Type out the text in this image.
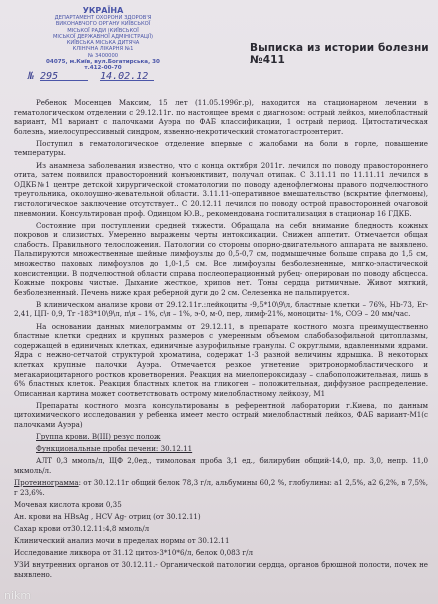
УКРАЇНА
ДЕПАРТАМЕНТ ОХОРОНИ ЗДОРОВ'Я
ВИКОНАВЧОГО ОРГАНУ КИЇВСЬКОЇ
МІСЬКОЇ РАДИ (КИЇВСЬКОЇ
МІСЬКОЇ ДЕРЖАВНОЇ АДМІНІСТРАЦІЇ)
КИЇВСЬКА МІСЬКА ДИТЯЧА
КЛІНІЧНА ЛІКАРНЯ №1
№ 3400000
04075, м.Київ, вул.Богатирська, 30
т.412-00-70
№ 295	14.02.12
Выписка из истории болезни №411

Ребенок Мосенцев Максим, 15 лет (11.05.1996г.р), находится на стационарном лечении в гематологическом отделении с 29.12.11г. по настоящее время с диагнозом: острый лейкоз, миелобластный вариант, М1 вариант с палочками Ауэра по ФАБ классификации, 1 острый период. Цитостатическая болезнь, миелосупрессивный синдром, язвенно-некротический стоматогастроэнтерит.

Поступил в гематологическое отделение впервые с жалобами на боли в горле, повышение температуры.

Из анамнеза заболевания известно, что с конца октября 2011г. лечился по поводу правостороннего отита, затем появился правосторонний конъюнктивит, получал отипак. С 3.11.11 по 11.11.11 лечился в ОДКБ№1 центре детской хирургической стоматологии по поводу аденофлегмоны правого подчелюстного треугольника, околоушно-жевательной области. 3.11.11-оперативное вмешательство (вскрытие флегмоны), гистологическое заключение отсутствует.. С 20.12.11 лечился по поводу острой правосторонней очаговой пневмонии. Консультирован проф. Одинцом Ю.В., рекомендована госпитализация в стационар 16 ГДКБ.

Состояние при поступлении средней тяжести. Обращала на себя внимание бледность кожных покровов и слизистых. Умеренно выражены черты интоксикации. Снижен аппетит. Отмечается общая слабость. Правильного телосложения. Патологии со стороны опорно-двигательного аппарата не выявлено. Пальпируются множественные шейные лимфоузлы до 0,5-0,7 см, подмышечные больше справа до 1,5 см, множество паховых лимфоузлов до 1,0-1,5 см. Все лимфоузлы безболезненные, мягко-эластической консистенции. В подчелюстной области справа послеоперационный рубец- оперирован по поводу абсцесса. Кожные покровы чистые. Дыхание жесткое, хрипов нет. Тоны сердца ритмичные. Живот мягкий, безболезненный. Печень ниже края реберной дуги до 2 см. Селезенка не пальпируется.

В клиническом анализе крови от 29.12.11г.:лейкоциты -9,5*10\9\л, бластные клетки – 76%, Hb-73, Er-2,41, ЦП- 0,9, Tr -183*10\9\л, п\я – 1%, с\я – 1%, э-0, м-0, пер, лимф-21%, моноциты- 1%, СОЭ – 20 мм/час.

На основании данных миелограммы от 29.12.11, в препарате костного мозга преимущественно бластные клетки средних и крупных размеров с умеренным объемом слабобазофильной цитоплазмы, содержащей в единичных клетках, единичные азурофильные гранулы. С округлыми, вдавленными ядрами. Ядра с нежно-сетчатой структурой хроматина, содержат 1-3 разной величины ядрышка. В некоторых клетках крупные палочки Ауэра. Отмечается резкое угнетение эритронормобластического и мегакариоцитарного ростков кроветворения. Реакция на миелопероксидазу – слабоположительная, лишь в 6% бластных клеток. Реакция бластных клеток на гликоген – положительная, диффузное распределение. Описанная картина может соответствовать острому миелобластному лейкозу, М1

Препараты костного мозга консультированы в референтной лаборатории г.Киева, по данным цитохимического исследования у ребенка имеет место острый миелобластный лейкоз, ФАБ вариант-М1(с палочками Ауэра)

Группа крови. В(III) резус полож

Функциональные пробы печени: 30.12.11

АЛТ 0,3 ммоль/л, ЩФ 2,0ед., тимоловая проба 3,1 ед., билирубин общий-14,0, пр. 3,0, непр. 11,0 мкмоль/л.

Протеинограмма: от 30.12.11г общий белок 78,3 г/л, альбумины 60,2 %, глобулины: а1 2,5%, а2 6,2%, в 7,5%, г 23,6%.

Мочевая кислота крови 0,35

Ан. крови на HBsAg , HCV Ag- отриц (от 30.12.11)

Сахар крови от30.12.11:4,8 ммоль/л

Клинический анализ мочи в пределах нормы от 30.12.11

Исследование ликвора от 31.12 цитоз-3*10*6/л, белок 0,083 г/л

УЗИ внутренних органов от 30.12.11.- Органической патологии сердца, органов брюшной полости, почек не выявлено.

nikm
